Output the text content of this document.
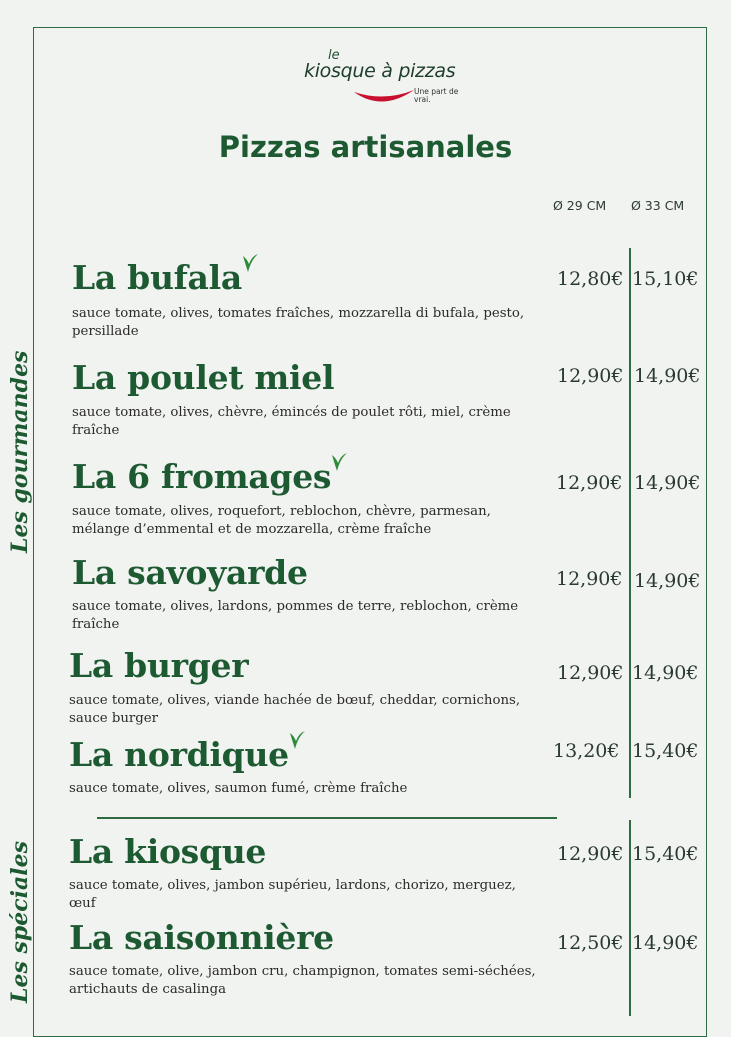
le
kiosque à pizzas
Une part de vrai.
Pizzas artisanales
Ø 29 CM Ø 33 CM
Les gourmandes
Les spéciales
La bufala
sauce tomate, olives, tomates fraîches, mozzarella di bufala, pesto, persillade
12,80€ 15,10€
La poulet miel
sauce tomate, olives, chèvre, émincés de poulet rôti, miel, crème fraîche
12,90€ 14,90€
La 6 fromages
sauce tomate, olives, roquefort, reblochon, chèvre, parmesan, mélange d’emmental et de mozzarella, crème fraîche
12,90€ 14,90€
La savoyarde
sauce tomate, olives, lardons, pommes de terre, reblochon, crème fraîche
12,90€ 14,90€
La burger
sauce tomate, olives, viande hachée de bœuf, cheddar, cornichons, sauce burger
12,90€ 14,90€
La nordique
sauce tomate, olives, saumon fumé, crème fraîche
13,20€ 15,40€
La kiosque
sauce tomate, olives, jambon supérieu, lardons, chorizo, merguez, œuf
12,90€ 15,40€
La saisonnière
sauce tomate, olive, jambon cru, champignon, tomates semi-séchées, artichauts de casalinga
12,50€ 14,90€
